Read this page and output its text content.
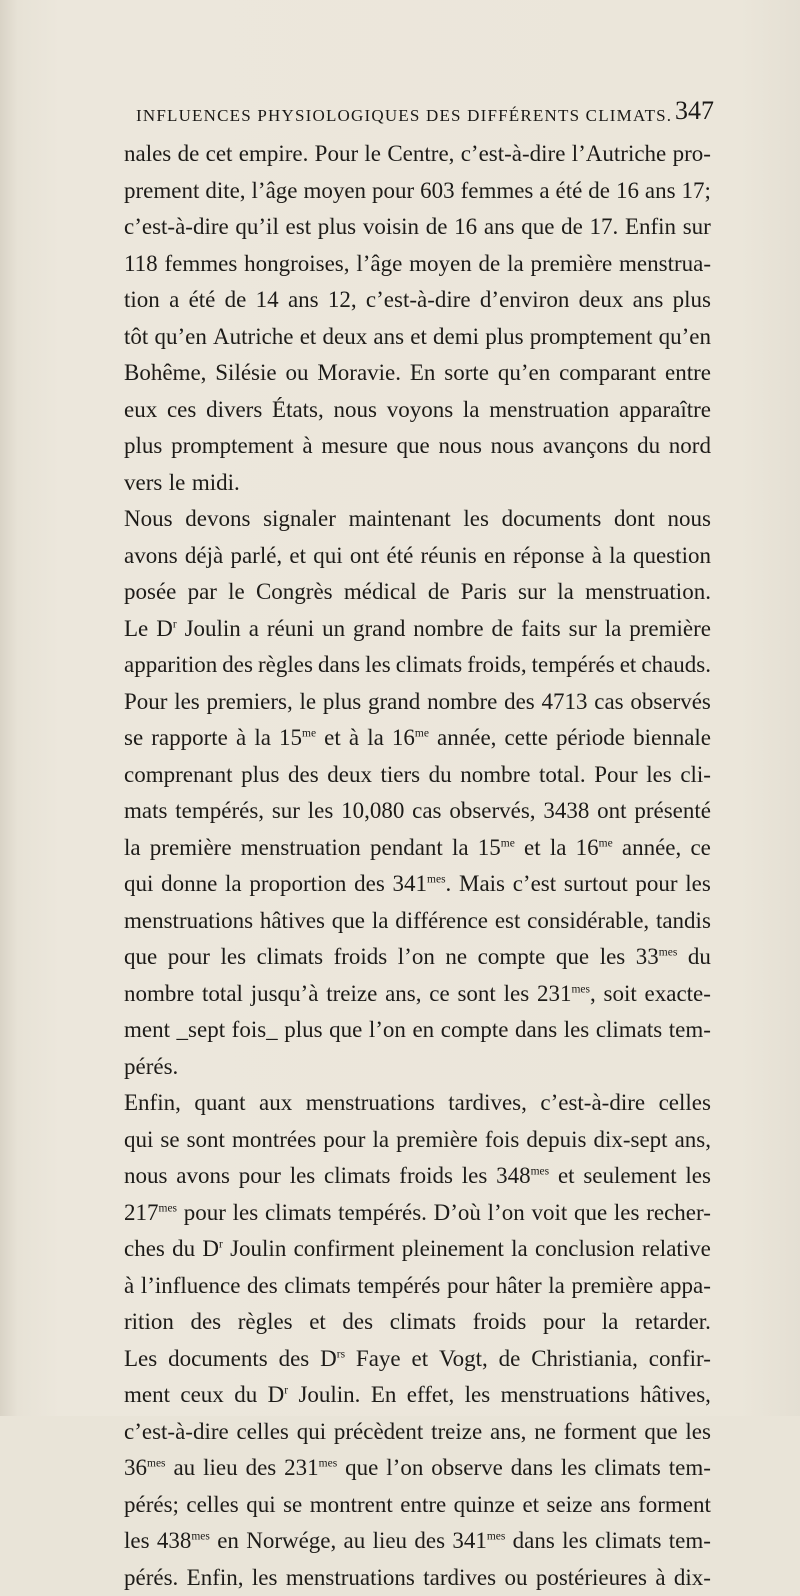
INFLUENCES PHYSIOLOGIQUES DES DIFFÉRENTS CLIMATS. 347
nales de cet empire. Pour le Centre, c’est-à-dire l’Autriche pro-
prement dite, l’âge moyen pour 603 femmes a été de 16 ans 17;
c’est-à-dire qu’il est plus voisin de 16 ans que de 17. Enfin sur
118 femmes hongroises, l’âge moyen de la première menstrua-
tion a été de 14 ans 12, c’est-à-dire d’environ deux ans plus
tôt qu’en Autriche et deux ans et demi plus promptement qu’en
Bohême, Silésie ou Moravie. En sorte qu’en comparant entre
eux ces divers États, nous voyons la menstruation apparaître
plus promptement à mesure que nous nous avançons du nord
vers le midi.
Nous devons signaler maintenant les documents dont nous
avons déjà parlé, et qui ont été réunis en réponse à la question
posée par le Congrès médical de Paris sur la menstruation.
Le $D^r$ Joulin a réuni un grand nombre de faits sur la première
apparition des règles dans les climats froids, tempérés et chauds.
Pour les premiers, le plus grand nombre des 4713 cas observés
se rapporte à la $15^{me}$ et à la $16^{me}$ année, cette période biennale
comprenant plus des deux tiers du nombre total. Pour les cli-
mats tempérés, sur les 10,080 cas observés, 3438 ont présenté
la première menstruation pendant la $15^{me}$ et la $16^{me}$ année, ce
qui donne la proportion des $341^{mes}$. Mais c’est surtout pour les
menstruations hâtives que la différence est considérable, tandis
que pour les climats froids l’on ne compte que les $33^{mes}$ du
nombre total jusqu’à treize ans, ce sont les $231^{mes}$, soit exacte-
ment _sept fois_ plus que l’on en compte dans les climats tem-
pérés.
Enfin, quant aux menstruations tardives, c’est-à-dire celles
qui se sont montrées pour la première fois depuis dix-sept ans,
nous avons pour les climats froids les $348^{mes}$ et seulement les
$217^{mes}$ pour les climats tempérés. D’où l’on voit que les recher-
ches du $D^r$ Joulin confirment pleinement la conclusion relative
à l’influence des climats tempérés pour hâter la première appa-
rition des règles et des climats froids pour la retarder.
Les documents des $D^{rs}$ Faye et Vogt, de Christiania, confir-
ment ceux du $D^r$ Joulin. En effet, les menstruations hâtives,
c’est-à-dire celles qui précèdent treize ans, ne forment que les
$36^{mes}$ au lieu des $231^{mes}$ que l’on observe dans les climats tem-
pérés; celles qui se montrent entre quinze et seize ans forment
les $438^{mes}$ en Norwége, au lieu des $341^{mes}$ dans les climats tem-
pérés. Enfin, les menstruations tardives ou postérieures à dix-
